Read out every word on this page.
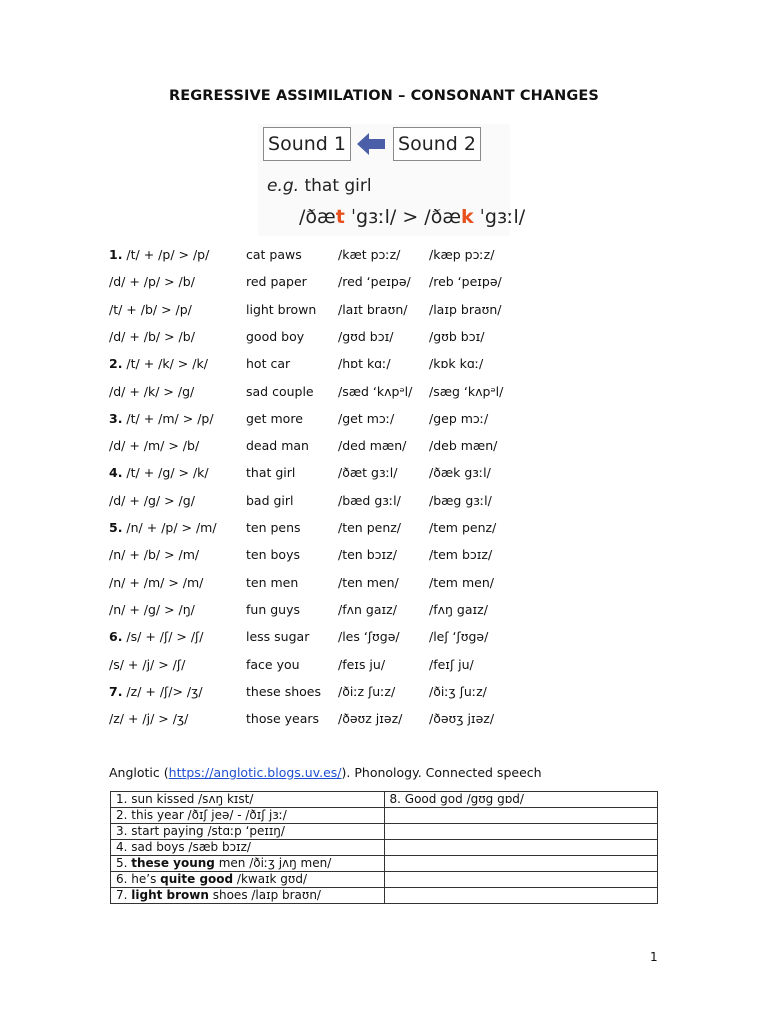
REGRESSIVE ASSIMILATION – CONSONANT CHANGES
Sound 1	Sound 2
e.g. that girl
/ðæt ˈgɜːl/ > /ðæk ˈgɜːl/
1. /t/ + /p/ > /p/	cat paws	/kæt pɔːz/ /kæp pɔːz/
/d/ + /p/ > /b/	red paper /red ‘peɪpə/ /reb ‘peɪpə/
/t/ + /b/ > /p/	light brown /laɪt braʊn/ /laɪp braʊn/
/d/ + /b/ > /b/	good boy	/gʊd bɔɪ/	/gʊb bɔɪ/
2. /t/ + /k/ > /k/	hot car	/hɒt kɑː/	/kɒk kɑː/
/d/ + /k/ > /g/	sad couple /sæd ‘kʌpᵊl/ /sæg ‘kʌpᵊl/
3. /t/ + /m/ > /p/	get more	/get mɔː/	/gep mɔː/
/d/ + /m/ > /b/	dead man /ded mæn/ /deb mæn/
4. /t/ + /g/ > /k/	that girl	/ðæt gɜːl/	/ðæk gɜːl/
/d/ + /g/ > /g/	bad girl	/bæd gɜːl/ /bæg gɜːl/
5. /n/ + /p/ > /m/ ten pens	/ten penz/ /tem penz/
/n/ + /b/ > /m/	ten boys	/ten bɔɪz/	/tem bɔɪz/
/n/ + /m/ > /m/	ten men	/ten men/ /tem men/
/n/ + /g/ > /ŋ/	fun guys	/fʌn gaɪz/	/fʌŋ gaɪz/
6. /s/ + /ʃ/ > /ʃ/	less sugar /les ‘ʃʊgə/ /leʃ ‘ʃʊgə/
/s/ + /j/ > /ʃ/	face you	/feɪs ju/	/feɪʃ ju/
7. /z/ + /ʃ/> /ʒ/	these shoes /ðiːz ʃuːz/	/ðiːʒ ʃuːz/
/z/ + /j/ > /ʒ/	those years /ðəʊz jɪəz/ /ðəʊʒ jɪəz/
Anglotic (https://anglotic.blogs.uv.es/). Phonology. Connected speech
1. sun kissed /sʌŋ kɪst/	8. Good god /gʊg gɒd/
2. this year /ðɪʃ jeə/ - /ðɪʃ jɜː/	
3. start paying /stɑːp ‘peɪɪŋ/	
4. sad boys /sæb bɔɪz/	
5. these young men /ðiːʒ jʌŋ men/	
6. he’s quite good /kwaɪk gʊd/	
7. light brown shoes /laɪp braʊn/	
1
